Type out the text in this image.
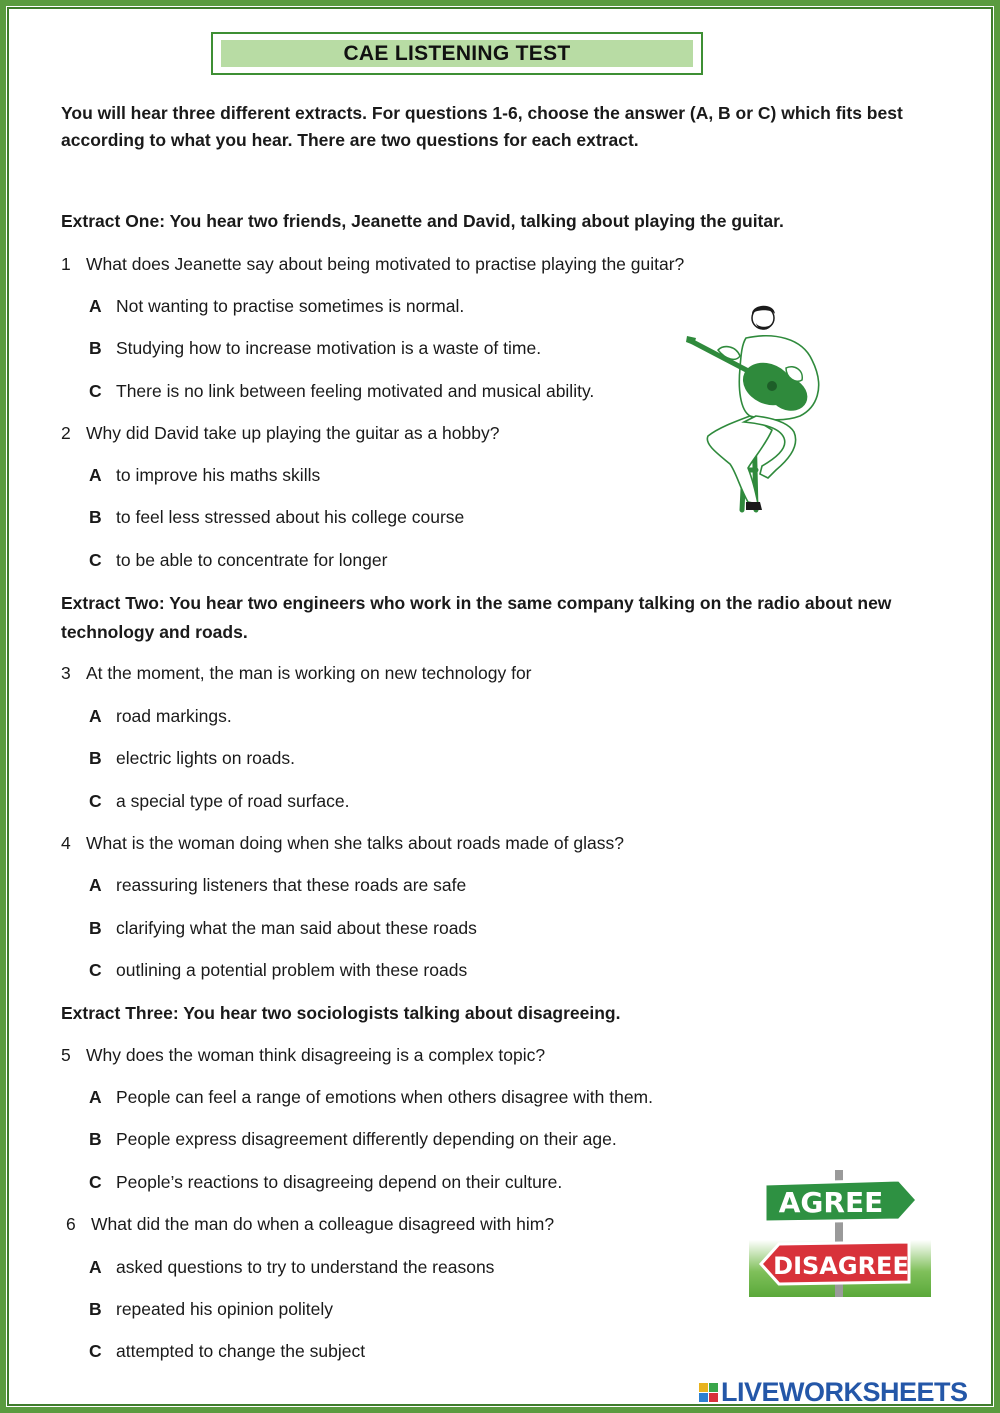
CAE LISTENING TEST
You will hear three different extracts. For questions 1-6, choose the answer (A, B or C) which fits best according to what you hear. There are two questions for each extract.
Extract One: You hear two friends, Jeanette and David, talking about playing the guitar.
1 What does Jeanette say about being motivated to practise playing the guitar?
A Not wanting to practise sometimes is normal.
B Studying how to increase motivation is a waste of time.
C There is no link between feeling motivated and musical ability.
2 Why did David take up playing the guitar as a hobby?
A to improve his maths skills
B to feel less stressed about his college course
C to be able to concentrate for longer
Extract Two: You hear two engineers who work in the same company talking on the radio about new technology and roads.
3 At the moment, the man is working on new technology for
A road markings.
B electric lights on roads.
C a special type of road surface.
4 What is the woman doing when she talks about roads made of glass?
A reassuring listeners that these roads are safe
B clarifying what the man said about these roads
C outlining a potential problem with these roads
Extract Three: You hear two sociologists talking about disagreeing.
5 Why does the woman think disagreeing is a complex topic?
A People can feel a range of emotions when others disagree with them.
B People express disagreement differently depending on their age.
C People’s reactions to disagreeing depend on their culture.
6 What did the man do when a colleague disagreed with him?
A asked questions to try to understand the reasons
B repeated his opinion politely
C attempted to change the subject
AGREE
DISAGREE
LIVEWORKSHEETS
